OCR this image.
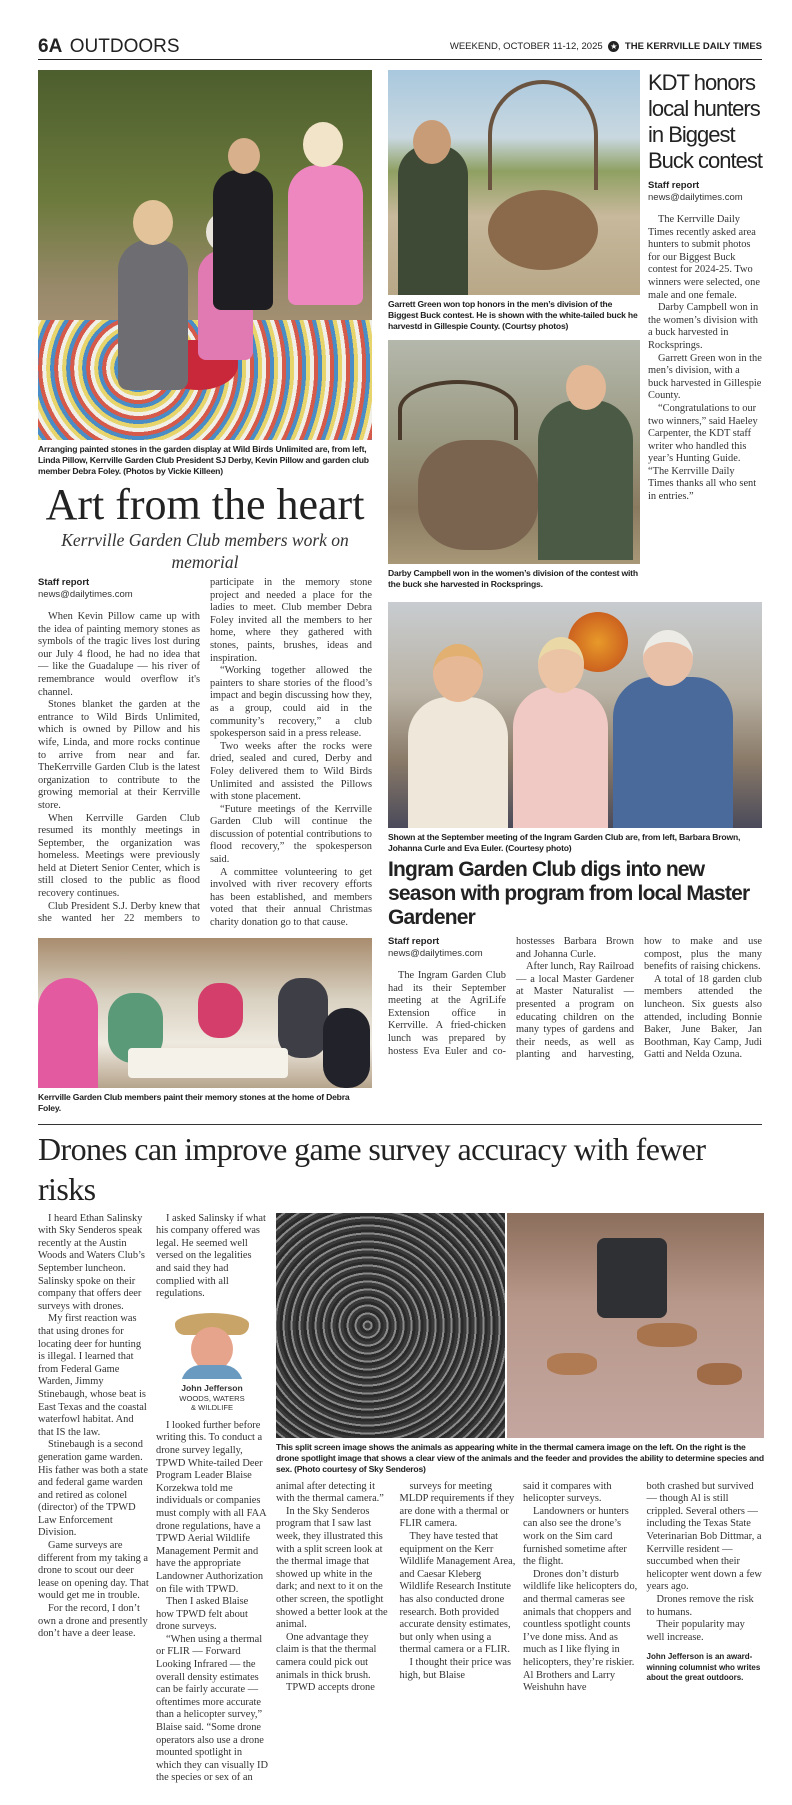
6A OUTDOORS	WEEKEND, OCTOBER 11-12, 2025 ★ THE KERRVILLE DAILY TIMES
Arranging painted stones in the garden display at Wild Birds Unlimited are, from left, Linda Pillow, Kerrville Garden Club President SJ Derby, Kevin Pillow and garden club member Debra Foley. (Photos by Vickie Killeen)
Art from the heart
Kerrville Garden Club members work on memorial
Staff report
news@dailytimes.com

When Kevin Pillow came up with the idea of painting memory stones as symbols of the tragic lives lost during our July 4 flood, he had no idea that — like the Guadalupe — his river of remembrance would overflow it's channel.

Stones blanket the garden at the entrance to Wild Birds Unlimited, which is owned by Pillow and his wife, Linda, and more rocks continue to arrive from near and far. TheKerrville Garden Club is the latest organization to contribute to the growing memorial at their Kerrville store.

When Kerrville Garden Club resumed its monthly meetings in September, the organization was homeless. Meetings were previously held at Dietert Senior Center, which is still closed to the public as flood recovery continues.

Club President S.J. Derby knew that she wanted her 22 members to participate in the memory stone project and needed a place for the ladies to meet. Club member Debra Foley invited all the members to her home, where they gathered with stones, paints, brushes, ideas and inspiration.

“Working together allowed the painters to share stories of the flood’s impact and begin discussing how they, as a group, could aid in the community’s recovery,” a club spokesperson said in a press release.

Two weeks after the rocks were dried, sealed and cured, Derby and Foley delivered them to Wild Birds Unlimited and assisted the Pillows with stone placement.

“Future meetings of the Kerrville Garden Club will continue the discussion of potential contributions to flood recovery,” the spokesperson said.

A committee volunteering to get involved with river recovery efforts has been established, and members voted that their annual Christmas charity donation go to that cause.

Kerrville Garden Club members paint their memory stones at the home of Debra Foley.
Garrett Green won top honors in the men’s division of the Biggest Buck contest. He is shown with the white-tailed buck he harvestd in Gillespie County. (Courtsy photos)
Darby Campbell won in the women’s division of the contest with the buck she harvested in Rocksprings.
KDT honors local hunters in Biggest Buck contest
Staff report
news@dailytimes.com

The Kerrville Daily Times recently asked area hunters to submit photos for our Biggest Buck contest for 2024-25. Two winners were selected, one male and one female.

Darby Campbell won in the women’s division with a buck harvested in Rocksprings.

Garrett Green won in the men’s division, with a buck harvested in Gillespie County.

“Congratulations to our two winners,” said Haeley Carpenter, the KDT staff writer who handled this year’s Hunting Guide. “The Kerrville Daily Times thanks all who sent in entries.”

Shown at the September meeting of the Ingram Garden Club are, from left, Barbara Brown, Johanna Curle and Eva Euler. (Courtesy photo)
Ingram Garden Club digs into new season with program from local Master Gardener
Staff report
news@dailytimes.com

The Ingram Garden Club had its their September meeting at the AgriLife Extension office in Kerrville. A fried-chicken lunch was prepared by hostess Eva Euler and co-hostesses Barbara Brown and Johanna Curle.

After lunch, Ray Railroad — a local Master Gardener at Master Naturalist — presented a program on educating children on the many types of gardens and their needs, as well as planting and harvesting, how to make and use compost, plus the many benefits of raising chickens.

A total of 18 garden club members attended the luncheon. Six guests also attended, including Bonnie Baker, June Baker, Jan Boothman, Kay Camp, Judi Gatti and Nelda Ozuna.

Drones can improve game survey accuracy with fewer risks

I heard Ethan Salinsky with Sky Senderos speak recently at the Austin Woods and Waters Club’s September luncheon. Salinsky spoke on their company that offers deer surveys with drones.

My first reaction was that using drones for locating deer for hunting is illegal. I learned that from Federal Game Warden, Jimmy Stinebaugh, whose beat is East Texas and the coastal waterfowl habitat. And that IS the law.

Stinebaugh is a second generation game warden. His father was both a state and federal game warden and retired as colonel (director) of the TPWD Law Enforcement Division.

Game surveys are different from my taking a drone to scout our deer lease on opening day. That would get me in trouble.

For the record, I don’t own a drone and presently don’t have a deer lease.

I asked Salinsky if what his company offered was legal. He seemed well versed on the legalities and said they had complied with all regulations.

John Jefferson
WOODS, WATERS
& WILDLIFE

I looked further before writing this. To conduct a drone survey legally, TPWD White-tailed Deer Program Leader Blaise Korzekwa told me individuals or companies must comply with all FAA drone regulations, have a TPWD Aerial Wildlife Management Permit and have the appropriate Landowner Authorization on file with TPWD.

Then I asked Blaise how TPWD felt about drone surveys.

“When using a thermal or FLIR — Forward Looking Infrared — the overall density estimates can be fairly accurate — oftentimes more accurate than a helicopter survey,” Blaise said. “Some drone operators also use a drone mounted spotlight in which they can visually ID the species or sex of an

This split screen image shows the animals as appearing white in the thermal camera image on the left. On the right is the drone spotlight image that shows a clear view of the animals and the feeder and provides the ability to determine species and sex. (Photo courtesy of Sky Senderos)

animal after detecting it with the thermal camera.”

In the Sky Senderos program that I saw last week, they illustrated this with a split screen look at the thermal image that showed up white in the dark; and next to it on the other screen, the spotlight showed a better look at the animal.

One advantage they claim is that the thermal camera could pick out animals in thick brush.

TPWD accepts drone

surveys for meeting MLDP requirements if they are done with a thermal or FLIR camera.

They have tested that equipment on the Kerr Wildlife Management Area, and Caesar Kleberg Wildlife Research Institute has also conducted drone research. Both provided accurate density estimates, but only when using a thermal camera or a FLIR.

I thought their price was high, but Blaise

said it compares with helicopter surveys.

Landowners or hunters can also see the drone’s work on the Sim card furnished sometime after the flight.

Drones don’t disturb wildlife like helicopters do, and thermal cameras see animals that choppers and countless spotlight counts I’ve done miss. And as much as I like flying in helicopters, they’re riskier. Al Brothers and Larry Weishuhn have

both crashed but survived — though Al is still crippled. Several others — including the Texas State Veterinarian Bob Dittmar, a Kerrville resident — succumbed when their helicopter went down a few years ago.

Drones remove the risk to humans.

Their popularity may well increase.

John Jefferson is an award-winning columnist who writes about the great outdoors.
